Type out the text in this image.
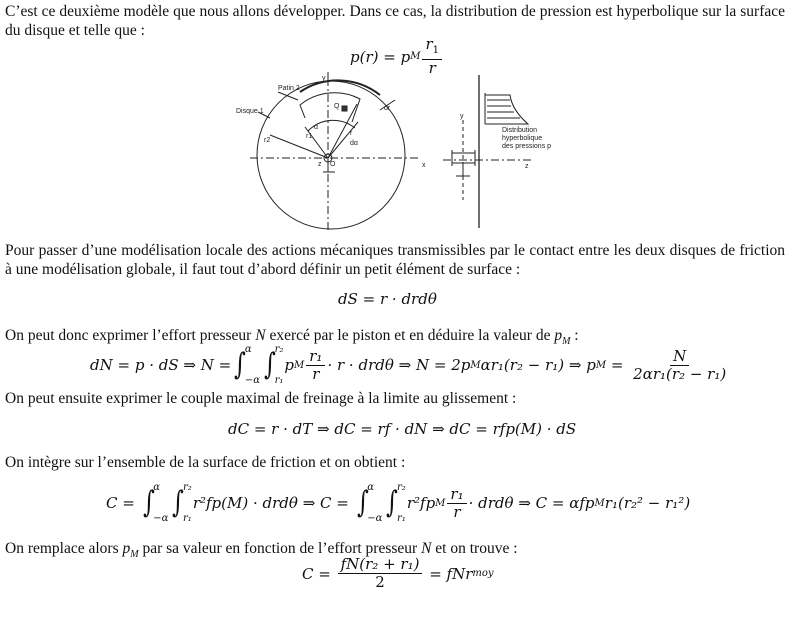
C’est ce deuxième modèle que nous allons développer. Dans ce cas, la distribution de pression est hyperbolique sur la surface du disque et telle que :
p(r) = p M
$r_1$
r
Disque 1
Patin 2
y
x
z O
Q
r2
r1	r
α
dα
dr
y
z
Distribution
hyperbolique
des pressions p
Pour passer d’une modélisation locale des actions mécaniques transmissibles par le contact entre les deux disques de friction à une modélisation globale, il faut tout d’abord définir un petit élément de surface :
dS = r · drdθ
On peut donc exprimer l’effort presseur N exercé par le piston et en déduire la valeur de $p_M$ :
dN = p · dS ⇒ N = ∫
α
−α ∫
r₂
r₁
p M
r₁
r · r · drdθ ⇒ N = 2p M αr₁(r₂ − r₁) ⇒ p $M = \frac{N}{\text{2αr₁(r₂ − r₁)}}$
On peut ensuite exprimer le couple maximal de freinage à la limite au glissement :
dC = r · dT ⇒ dC = rf · dN ⇒ dC = rfp(M) · dS
On intègre sur l’ensemble de la surface de friction et on obtient :
C = ∫
α
−α ∫
r₂
r₁
r²fp(M) · drdθ ⇒ C = ∫
α
−α ∫
r₂
r₁
r²fp M
r₁
r · drdθ ⇒ C = αfp M r₁(r₂² − r₁²)
On remplace alors $p_M$ par sa valeur en fonction de l’effort presseur N et on trouve :
$C = \frac{\text{fN(r₂ + r₁)}}{2}$ = fNr moy
